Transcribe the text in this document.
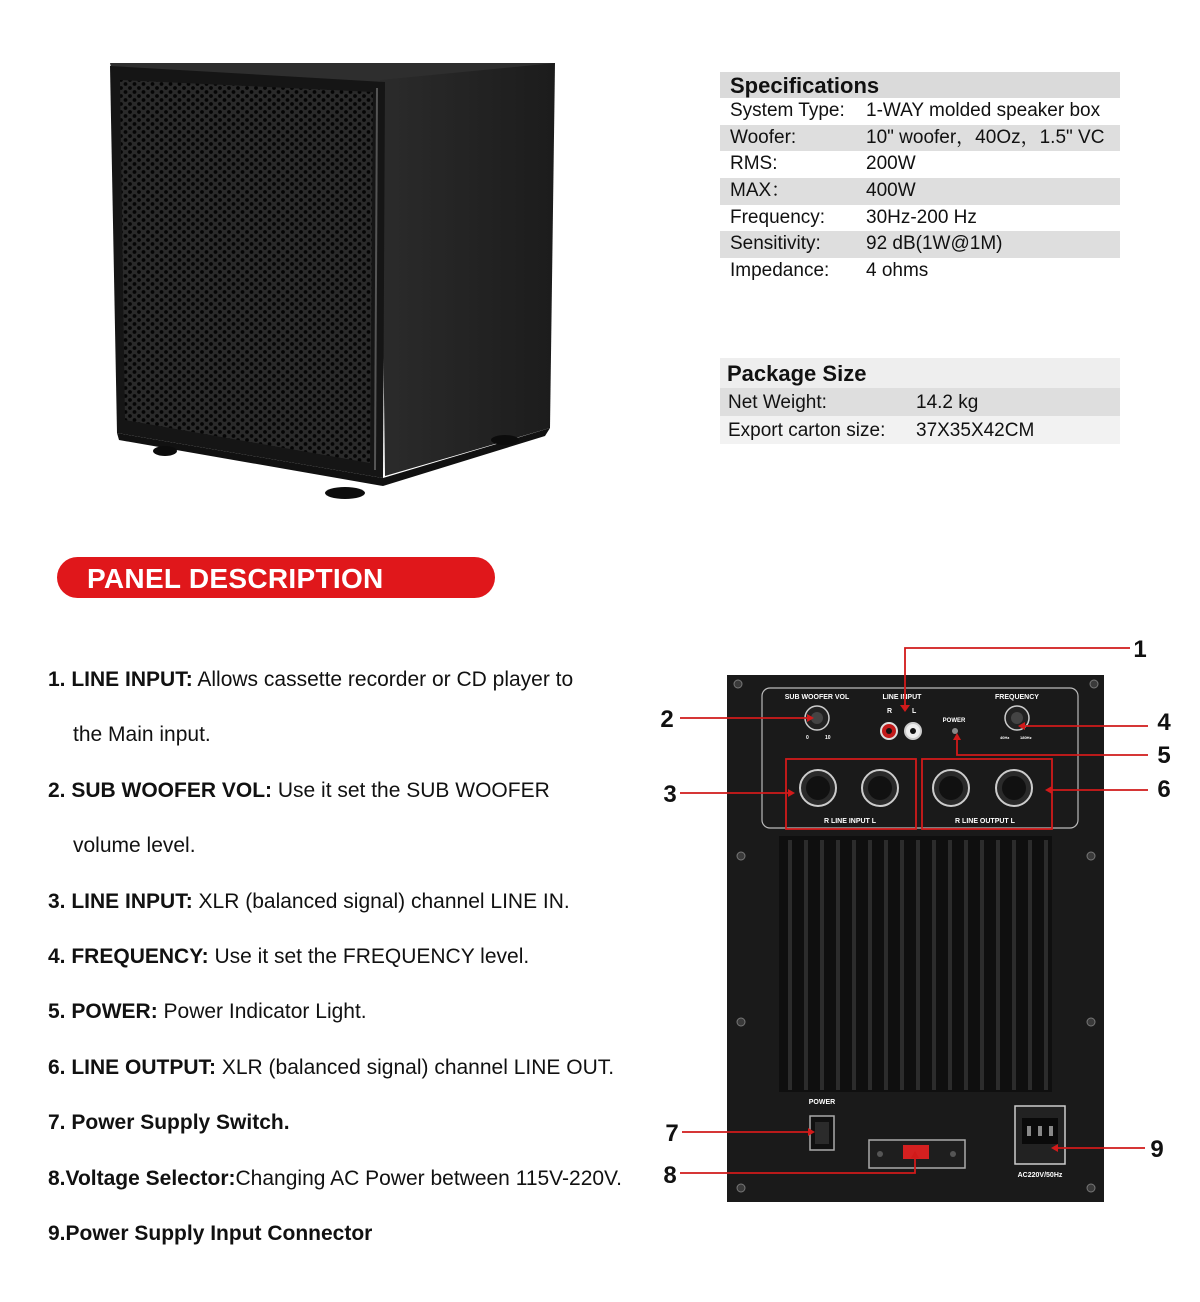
Specifications
System Type:	1-WAY molded speaker box
Woofer:	10" woofer，40Oz，1.5" VC
RMS:	200W
MAX：	400W
Frequency:	30Hz-200 Hz
Sensitivity:	92 dB(1W@1M)
Impedance:	4 ohms
Package Size
Net Weight:	14.2 kg
Export carton size:	37X35X42CM
PANEL DESCRIPTION
1. LINE INPUT: Allows cassette recorder or CD player to
the Main input.
2. SUB WOOFER VOL: Use it set the SUB WOOFER
volume level.
3. LINE INPUT: XLR (balanced signal) channel LINE IN.
4. FREQUENCY: Use it set the FREQUENCY level.
5. POWER: Power Indicator Light.
6. LINE OUTPUT: XLR (balanced signal) channel LINE OUT.
7. Power Supply Switch.
8.Voltage Selector:Changing AC Power between 115V-220V.
9.Power Supply Input Connector
SUB WOOFER VOL
0	10
LINE INPUT
R	L
POWER
FREQUENCY
40Hz	180Hz
R LINE INPUT L	R LINE OUTPUT L
POWER
AC220V/50Hz
1
2
3
4
5
6
7
8
9
